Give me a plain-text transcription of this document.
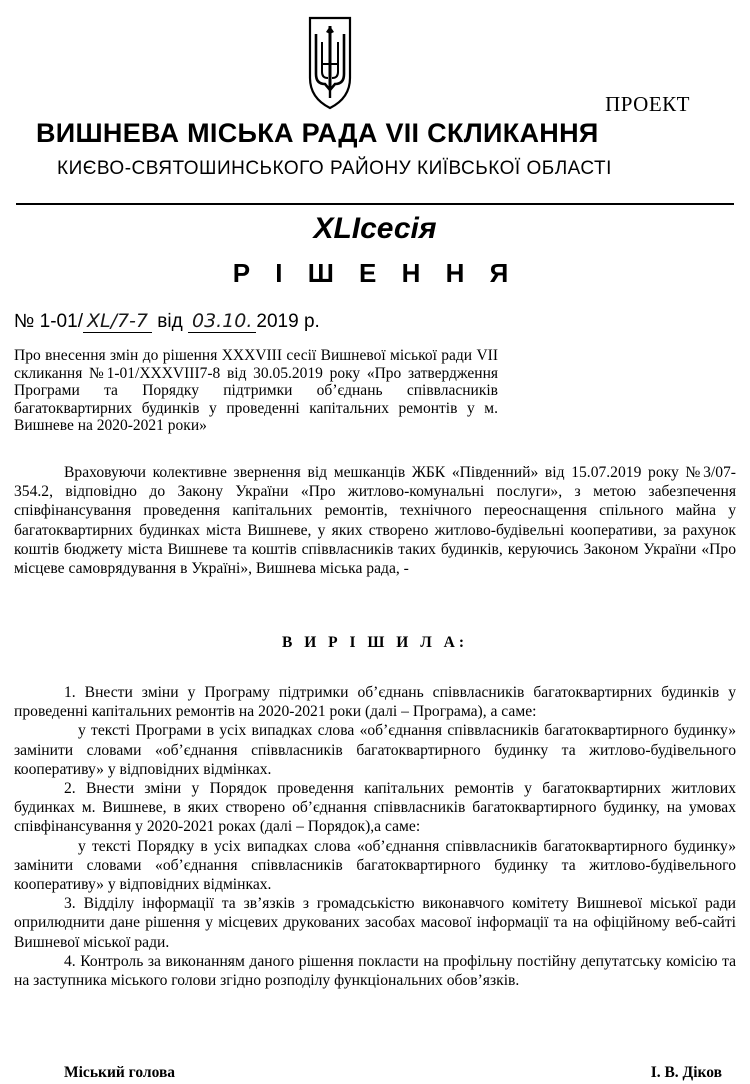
ПРОЕКТ
ВИШНЕВА МІСЬКА РАДА VII СКЛИКАННЯ
КИЄВО-СВЯТОШИНСЬКОГО РАЙОНУ КИЇВСЬКОЇ ОБЛАСТІ
XLIсесія
Р І Ш Е Н Н Я
№ 1-01/ XL/7-7 від 03.10. 2019 р.
Про внесення змін до рішення XXXVIII сесії Вишневої міської ради VII скликання №1-01/XXXVIII7-8 від 30.05.2019 року «Про затвердження Програми та Порядку підтримки об’єднань співвласників багатоквартирних будинків у проведенні капітальних ремонтів у м. Вишневе на 2020-2021 роки»
Враховуючи колективне звернення від мешканців ЖБК «Південний» від 15.07.2019 року №3/07-354.2, відповідно до Закону України «Про житлово-комунальні послуги», з метою забезпечення співфінансування проведення капітальних ремонтів, технічного переоснащення спільного майна у багатоквартирних будинках міста Вишневе, у яких створено житлово-будівельні кооперативи, за рахунок коштів бюджету міста Вишневе та коштів співвласників таких будинків, керуючись Законом України «Про місцеве самоврядування в Україні», Вишнева міська рада, -
В И Р І Ш И Л А:

1. Внести зміни у Програму підтримки об’єднань співвласників багатоквартирних будинків у проведенні капітальних ремонтів на 2020-2021 роки (далі – Програма), а саме:

у тексті Програми в усіх випадках слова «об’єднання співвласників багатоквартирного будинку» замінити словами «об’єднання співвласників багатоквартирного будинку та житлово-будівельного кооперативу» у відповідних відмінках.

2. Внести зміни у Порядок проведення капітальних ремонтів у багатоквартирних житлових будинках м. Вишневе, в яких створено об’єднання співвласників багатоквартирного будинку, на умовах співфінансування у 2020-2021 роках (далі – Порядок),а саме:

у тексті Порядку в усіх випадках слова «об’єднання співвласників багатоквартирного будинку» замінити словами «об’єднання співвласників багатоквартирного будинку та житлово-будівельного кооперативу» у відповідних відмінках.

3. Відділу інформації та зв’язків з громадськістю виконавчого комітету Вишневої міської ради оприлюднити дане рішення у місцевих друкованих засобах масової інформації та на офіційному веб-сайті Вишневої міської ради.

4. Контроль за виконанням даного рішення покласти на профільну постійну депутатську комісію та на заступника міського голови згідно розподілу функціональних обов’язків.

Міський голова	І. В. Діков
